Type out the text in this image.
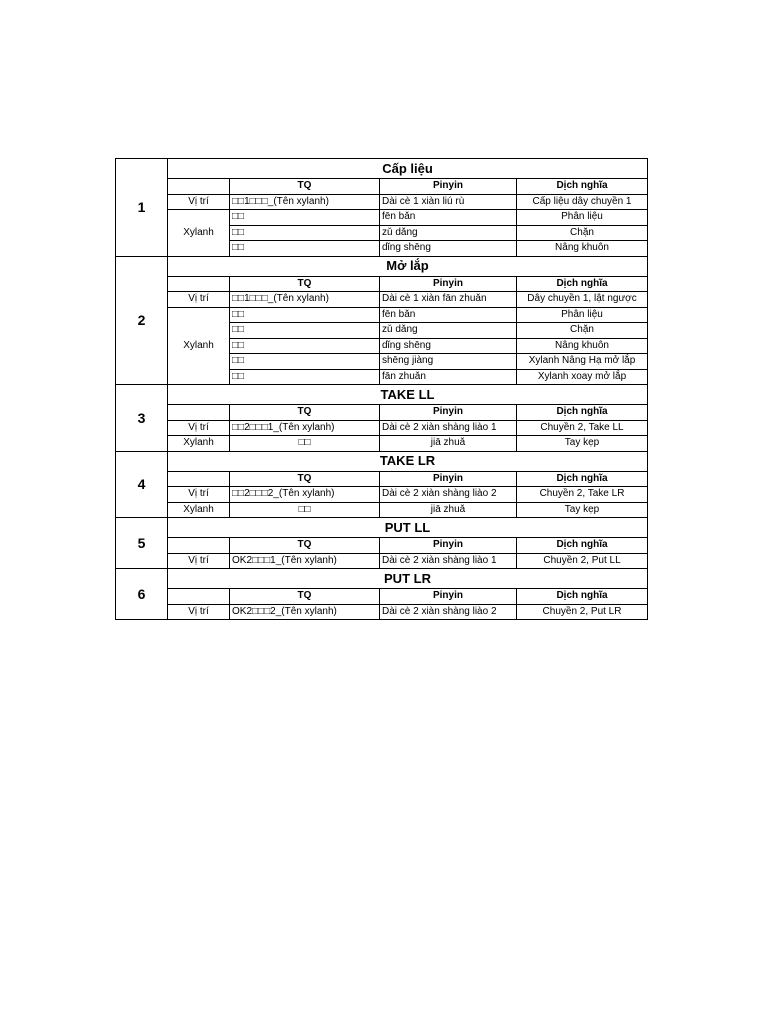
1	Cấp liệu			
		TQ	Pinyin	Dịch nghĩa
	Vị trí	□□1□□□_(Tên xylanh)	Dài cè 1 xiàn liú rù	Cấp liệu dây chuyền 1
	Xylanh	□□	fēn bǎn	Phân liệu
		□□	zǔ dǎng	Chặn
		□□	dǐng shēng	Nâng khuôn
2	Mở lắp			
		TQ	Pinyin	Dịch nghĩa
	Vị trí	□□1□□□_(Tên xylanh)	Dài cè 1 xiàn fān zhuǎn	Dây chuyền 1, lật ngược
	Xylanh	□□	fēn bǎn	Phân liệu
		□□	zǔ dǎng	Chặn
		□□	dǐng shēng	Nâng khuôn
		□□	shēng jiàng	Xylanh Nâng Hạ mở lắp
		□□	fān zhuǎn	Xylanh xoay mở lắp
3	TAKE LL			
		TQ	Pinyin	Dịch nghĩa
	Vị trí	□□2□□□1_(Tên xylanh)	Dài cè 2 xiàn shàng liào 1	Chuyền 2, Take LL
	Xylanh	□□	jiā zhuǎ	Tay kẹp
4	TAKE LR			
		TQ	Pinyin	Dịch nghĩa
	Vị trí	□□2□□□2_(Tên xylanh)	Dài cè 2 xiàn shàng liào 2	Chuyền 2, Take LR
	Xylanh	□□	jiā zhuǎ	Tay kẹp
5	PUT LL			
		TQ	Pinyin	Dịch nghĩa
	Vị trí	OK2□□□1_(Tên xylanh)	Dài cè 2 xiàn shàng liào 1	Chuyền 2, Put LL
6	PUT LR			
		TQ	Pinyin	Dịch nghĩa
	Vị trí	OK2□□□2_(Tên xylanh)	Dài cè 2 xiàn shàng liào 2	Chuyền 2, Put LR
